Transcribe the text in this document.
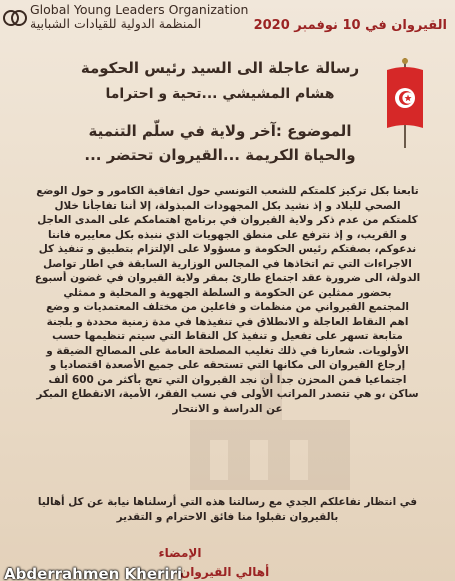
Global Young Leaders Organization
المنظمة الدولية للقيادات الشبابية	القيروان في 10 نوفمبر 2020
رسالة عاجلة الى السيد رئيس الحكومة
هشام المشيشي ...تحية و احتراما
الموضوع :آخر ولاية في سلّم التنمية
والحياة الكريمة ...القيروان تحتضر ...
تابعنا بكل تركيز كلمتكم للشعب التونسي حول اتفاقية الكامور و حول الوضع
الصحي للبلاد و إذ نشيد بكل المجهودات المبذولة، إلا أننا تفاجأنا خلال
كلمتكم من عدم ذكر ولاية القيروان في برنامج اهتمامكم على المدى العاجل
و القريب، و إذ نترفع على منطق الجهويات الذي ننبذه بكل معاييره فاننا
ندعوكم، بصفتكم رئيس الحكومة و مسؤولا على الإلتزام بتطبيق و تنفيذ كل
الاجراءات التي تم اتخاذها في المجالس الوزارية السابقة في اطار تواصل
الدولة، الى ضرورة عقد اجتماع طارئ بمقر ولاية القيروان في غضون أسبوع
بحضور ممثلين عن الحكومة و السلطة الجهوية و المحلية و ممثلي
المجتمع القيرواني من منظمات و فاعلين من مختلف المعتمديات و وضع
اهم النقاط العاجلة و الانطلاق في تنفيذها في مدة زمنية محددة و بلجنة
متابعة تسهر على تفعيل و تنفيذ كل النقاط التي سيتم تنظيمها حسب
الأولويات. شعارنا في ذلك تغليب المصلحة العامة على المصالح الضيقة و
إرجاع القيروان الى مكانها التي تستحقه على جميع الأصعدة اقتصاديا و
اجتماعيا فمن المحزن جدا أن نجد القيروان التي تعج بأكثر من 600 ألف
ساكن ،و هي تتصدر المراتب الأولى في نسب الفقر، الأمية، الانقطاع المبكر
عن الدراسة و الانتحار
في انتظار تفاعلكم الجدي مع رسالتنا هذه التي أرسلناها نيابة عن كل أهاليا
بالقيروان تقبلوا منا فائق الاحترام و التقدير
الإمضاء
أهالي القيروان
Abderrahmen Kheriri
